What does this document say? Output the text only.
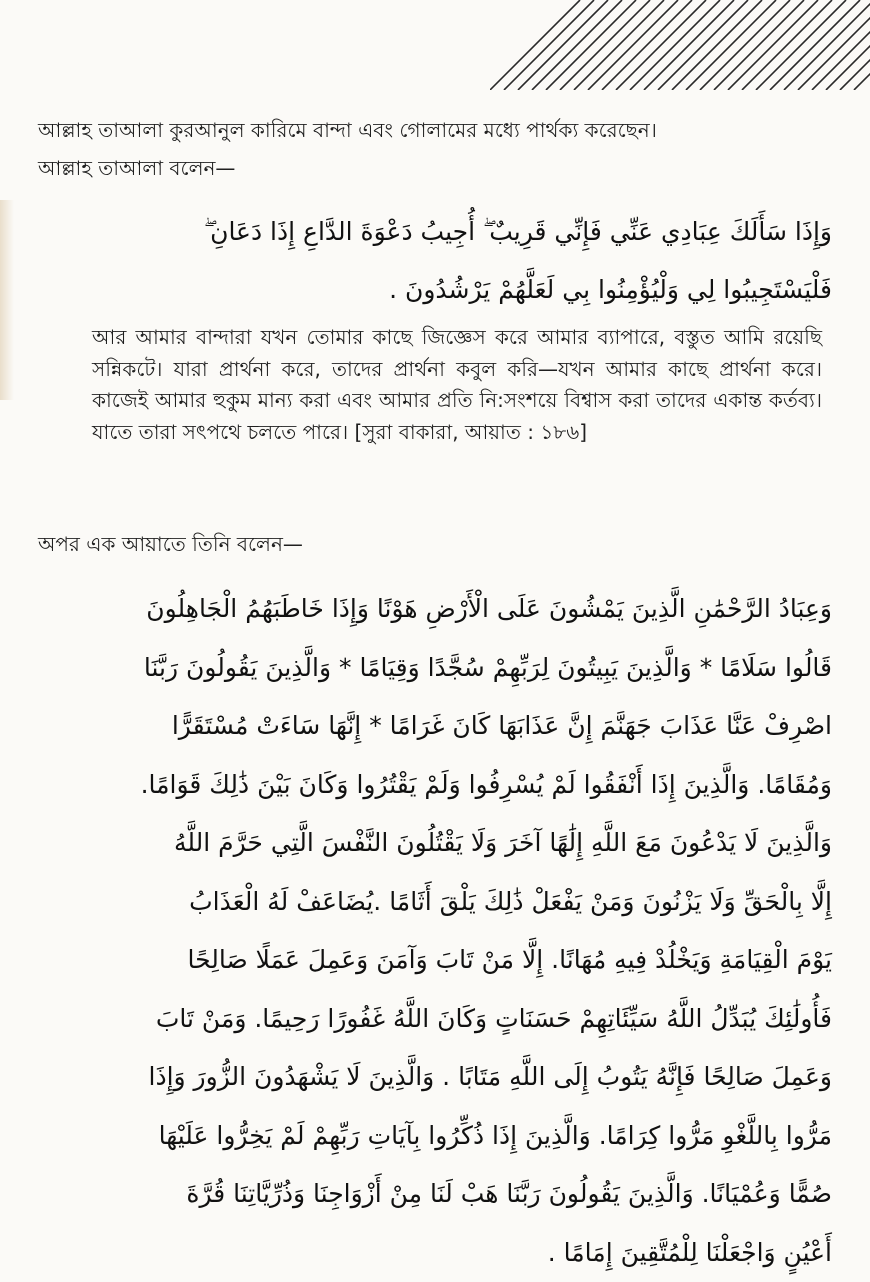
আল্লাহ তাআলা কুরআনুল কারিমে বান্দা এবং গোলামের মধ্যে পার্থক্য করেছেন।

আল্লাহ তাআলা বলেন—

وَإِذَا سَأَلَكَ عِبَادِي عَنِّي فَإِنِّي قَرِيبٌ ۖ أُجِيبُ دَعْوَةَ الدَّاعِ إِذَا دَعَانِ ۖ
فَلْيَسْتَجِيبُوا لِي وَلْيُؤْمِنُوا بِي لَعَلَّهُمْ يَرْشُدُونَ .

আর আমার বান্দারা যখন তোমার কাছে জিজ্ঞেস করে আমার ব্যাপারে, বস্তুত আমি রয়েছি সন্নিকটে। যারা প্রার্থনা করে, তাদের প্রার্থনা কবুল করি—যখন আমার কাছে প্রার্থনা করে। কাজেই আমার হুকুম মান্য করা এবং আমার প্রতি নি:সংশয়ে বিশ্বাস করা তাদের একান্ত কর্তব্য। যাতে তারা সৎপথে চলতে পারে। [সুরা বাকারা, আয়াত : ১৮৬]

অপর এক আয়াতে তিনি বলেন—

وَعِبَادُ الرَّحْمَٰنِ الَّذِينَ يَمْشُونَ عَلَى الْأَرْضِ هَوْنًا وَإِذَا خَاطَبَهُمُ الْجَاهِلُونَ
قَالُوا سَلَامًا * وَالَّذِينَ يَبِيتُونَ لِرَبِّهِمْ سُجَّدًا وَقِيَامًا * وَالَّذِينَ يَقُولُونَ رَبَّنَا
اصْرِفْ عَنَّا عَذَابَ جَهَنَّمَ إِنَّ عَذَابَهَا كَانَ غَرَامًا * إِنَّهَا سَاءَتْ مُسْتَقَرًّا
وَمُقَامًا. وَالَّذِينَ إِذَا أَنْفَقُوا لَمْ يُسْرِفُوا وَلَمْ يَقْتُرُوا وَكَانَ بَيْنَ ذَٰلِكَ قَوَامًا.
وَالَّذِينَ لَا يَدْعُونَ مَعَ اللَّهِ إِلَٰهًا آخَرَ وَلَا يَقْتُلُونَ النَّفْسَ الَّتِي حَرَّمَ اللَّهُ
إِلَّا بِالْحَقِّ وَلَا يَزْنُونَ وَمَنْ يَفْعَلْ ذَٰلِكَ يَلْقَ أَثَامًا .يُضَاعَفْ لَهُ الْعَذَابُ
يَوْمَ الْقِيَامَةِ وَيَخْلُدْ فِيهِ مُهَانًا. إِلَّا مَنْ تَابَ وَآمَنَ وَعَمِلَ عَمَلًا صَالِحًا
فَأُولَٰئِكَ يُبَدِّلُ اللَّهُ سَيِّئَاتِهِمْ حَسَنَاتٍ وَكَانَ اللَّهُ غَفُورًا رَحِيمًا. وَمَنْ تَابَ
وَعَمِلَ صَالِحًا فَإِنَّهُ يَتُوبُ إِلَى اللَّهِ مَتَابًا . وَالَّذِينَ لَا يَشْهَدُونَ الزُّورَ وَإِذَا
مَرُّوا بِاللَّغْوِ مَرُّوا كِرَامًا. وَالَّذِينَ إِذَا ذُكِّرُوا بِآيَاتِ رَبِّهِمْ لَمْ يَخِرُّوا عَلَيْهَا
صُمًّا وَعُمْيَانًا. وَالَّذِينَ يَقُولُونَ رَبَّنَا هَبْ لَنَا مِنْ أَزْوَاجِنَا وَذُرِّيَّاتِنَا قُرَّةَ
أَعْيُنٍ وَاجْعَلْنَا لِلْمُتَّقِينَ إِمَامًا .
